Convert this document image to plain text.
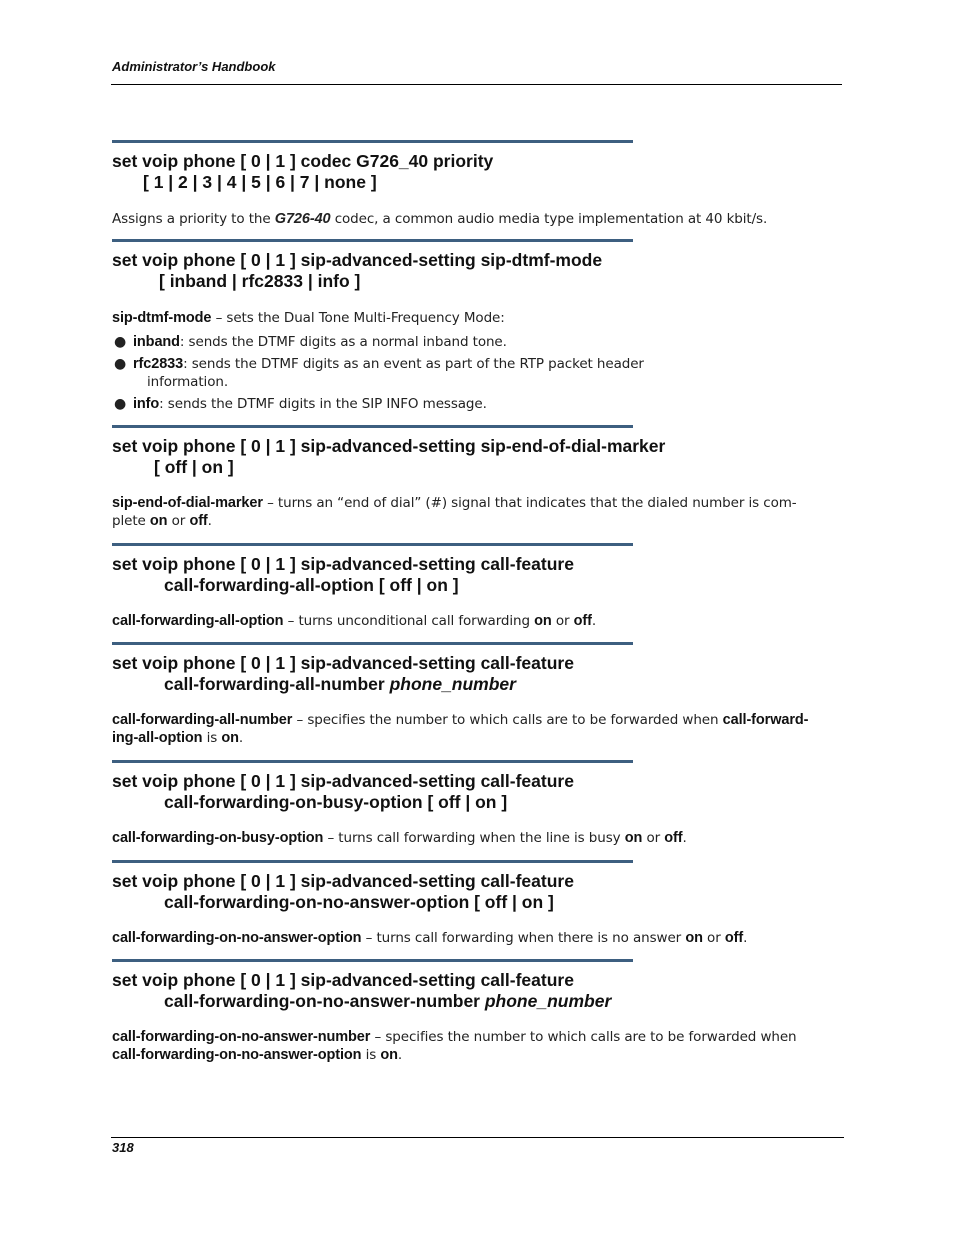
Administrator’s Handbook
set voip phone [ 0 | 1 ] codec G726_40 priority
[ 1 | 2 | 3 | 4 | 5 | 6 | 7 | none ]
Assigns a priority to the G726-40 codec, a common audio media type implementation at 40 kbit/s.
set voip phone [ 0 | 1 ] sip-advanced-setting sip-dtmf-mode
[ inband | rfc2833 | info ]
sip-dtmf-mode – sets the Dual Tone Multi-Frequency Mode:
● inband: sends the DTMF digits as a normal inband tone.
● rfc2833: sends the DTMF digits as an event as part of the RTP packet header
information.
● info: sends the DTMF digits in the SIP INFO message.
set voip phone [ 0 | 1 ] sip-advanced-setting sip-end-of-dial-marker
[ off | on ]
sip-end-of-dial-marker – turns an “end of dial” (#) signal that indicates that the dialed number is com-
plete on or off.
set voip phone [ 0 | 1 ] sip-advanced-setting call-feature
call-forwarding-all-option [ off | on ]
call-forwarding-all-option – turns unconditional call forwarding on or off.
set voip phone [ 0 | 1 ] sip-advanced-setting call-feature
call-forwarding-all-number phone_number
call-forwarding-all-number – specifies the number to which calls are to be forwarded when call-forward-
ing-all-option is on.
set voip phone [ 0 | 1 ] sip-advanced-setting call-feature
call-forwarding-on-busy-option [ off | on ]
call-forwarding-on-busy-option – turns call forwarding when the line is busy on or off.
set voip phone [ 0 | 1 ] sip-advanced-setting call-feature
call-forwarding-on-no-answer-option [ off | on ]
call-forwarding-on-no-answer-option – turns call forwarding when there is no answer on or off.
set voip phone [ 0 | 1 ] sip-advanced-setting call-feature
call-forwarding-on-no-answer-number phone_number
call-forwarding-on-no-answer-number – specifies the number to which calls are to be forwarded when
call-forwarding-on-no-answer-option is on.
318
